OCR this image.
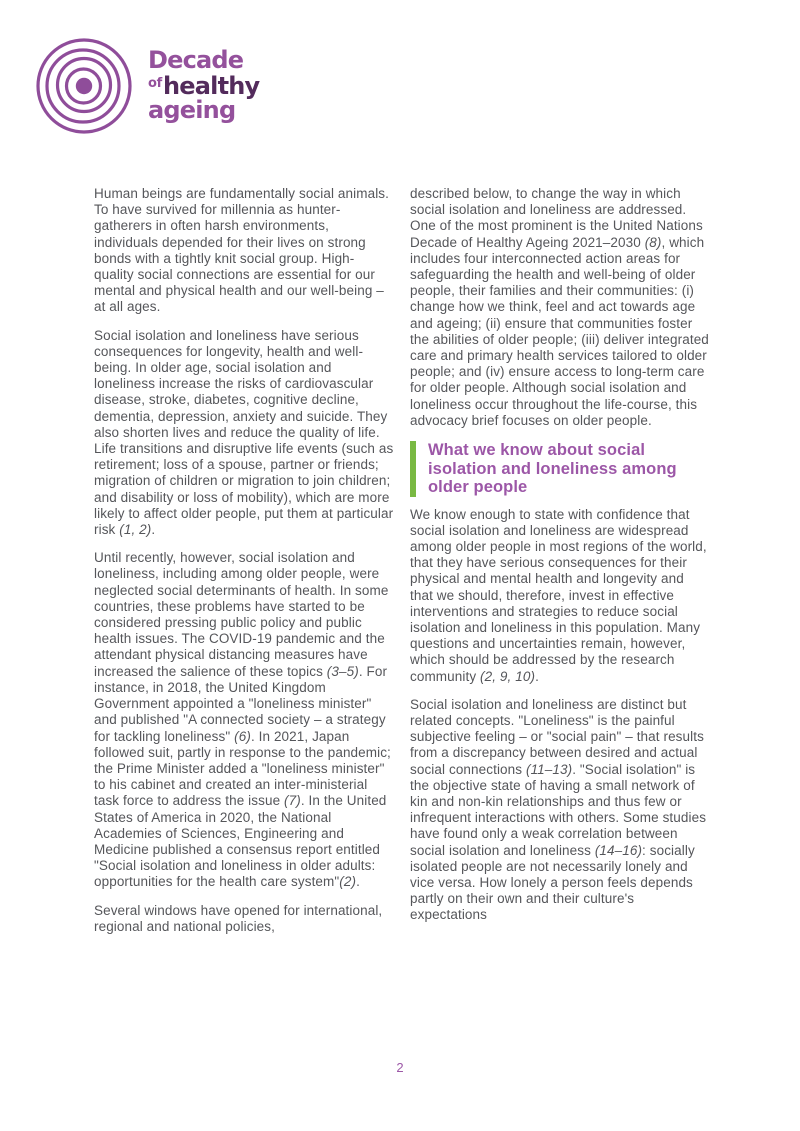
Decade
$^{of}$healthy
ageing

Human beings are fundamentally social animals. To have survived for millennia as hunter-gatherers in often harsh environments, individuals depended for their lives on strong bonds with a tightly knit social group. High-quality social connections are essential for our mental and physical health and our well-being – at all ages.

Social isolation and loneliness have serious consequences for longevity, health and well-being. In older age, social isolation and loneliness increase the risks of cardiovascular disease, stroke, diabetes, cognitive decline, dementia, depression, anxiety and suicide. They also shorten lives and reduce the quality of life. Life transitions and disruptive life events (such as retirement; loss of a spouse, partner or friends; migration of children or migration to join children; and disability or loss of mobility), which are more likely to affect older people, put them at particular risk (1, 2).

Until recently, however, social isolation and loneliness, including among older people, were neglected social determinants of health. In some countries, these problems have started to be considered pressing public policy and public health issues. The COVID-19 pandemic and the attendant physical distancing measures have increased the salience of these topics (3–5). For instance, in 2018, the United Kingdom Government appointed a "loneliness minister" and published "A connected society – a strategy for tackling loneliness" (6). In 2021, Japan followed suit, partly in response to the pandemic; the Prime Minister added a "loneliness minister" to his cabinet and created an inter-ministerial task force to address the issue (7). In the United States of America in 2020, the National Academies of Sciences, Engineering and Medicine published a consensus report entitled "Social isolation and loneliness in older adults: opportunities for the health care system"(2).

Several windows have opened for international, regional and national policies,

described below, to change the way in which social isolation and loneliness are addressed. One of the most prominent is the United Nations Decade of Healthy Ageing 2021–2030 (8), which includes four interconnected action areas for safeguarding the health and well-being of older people, their families and their communities: (i) change how we think, feel and act towards age and ageing; (ii) ensure that communities foster the abilities of older people; (iii) deliver integrated care and primary health services tailored to older people; and (iv) ensure access to long-term care for older people. Although social isolation and loneliness occur throughout the life-course, this advocacy brief focuses on older people.

What we know about social isolation and loneliness among older people

We know enough to state with confidence that social isolation and loneliness are widespread among older people in most regions of the world, that they have serious consequences for their physical and mental health and longevity and that we should, therefore, invest in effective interventions and strategies to reduce social isolation and loneliness in this population. Many questions and uncertainties remain, however, which should be addressed by the research community (2, 9, 10).

Social isolation and loneliness are distinct but related concepts. "Loneliness" is the painful subjective feeling – or "social pain" – that results from a discrepancy between desired and actual social connections (11–13). "Social isolation" is the objective state of having a small network of kin and non-kin relationships and thus few or infrequent interactions with others. Some studies have found only a weak correlation between social isolation and loneliness (14–16): socially isolated people are not necessarily lonely and vice versa. How lonely a person feels depends partly on their own and their culture's expectations

2
